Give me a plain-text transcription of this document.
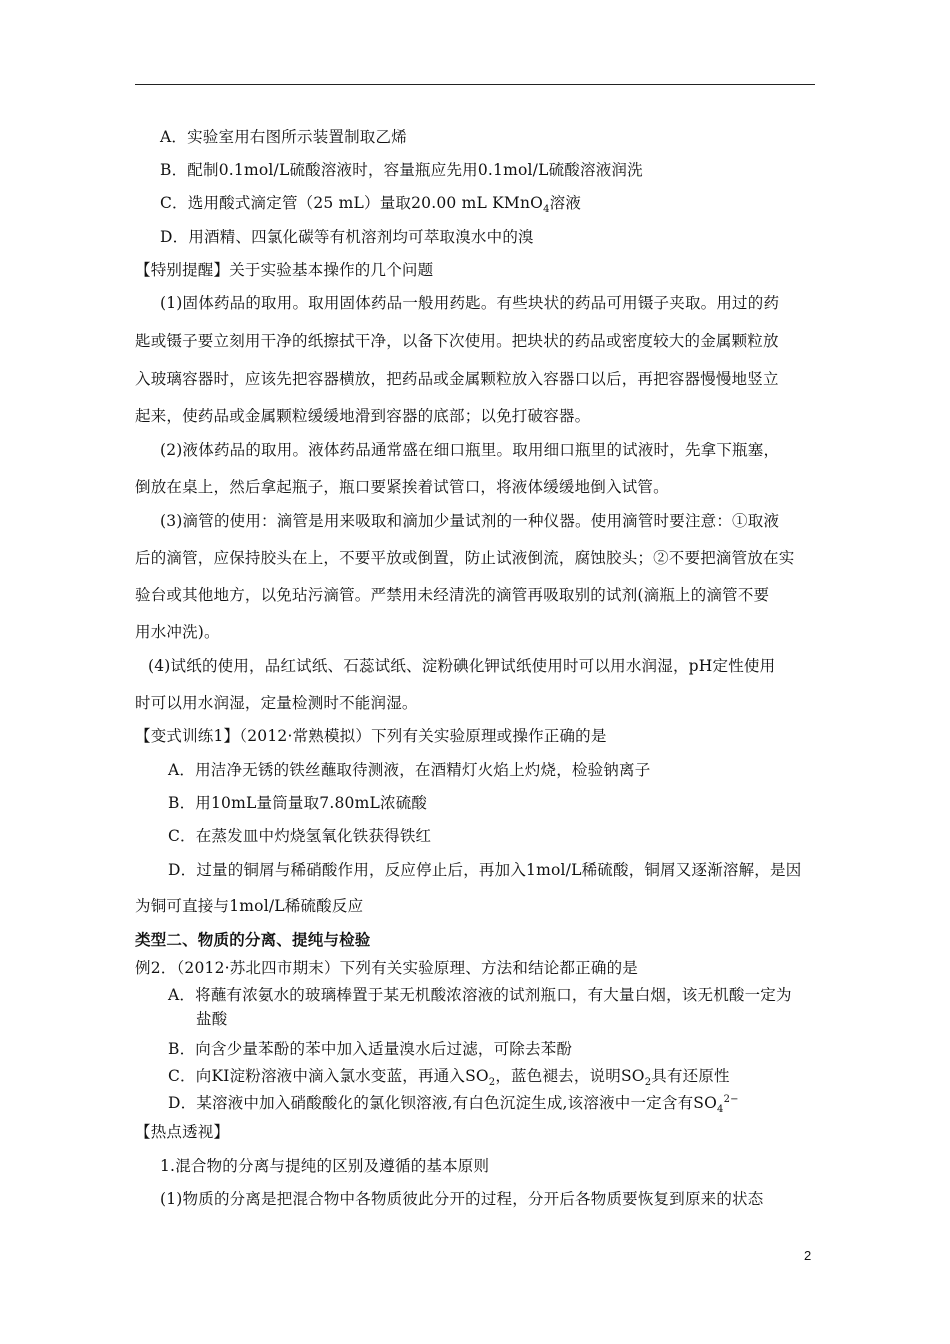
A．实验室用右图所示装置制取乙烯
B．配制0.1mol/L硫酸溶液时，容量瓶应先用0.1mol/L硫酸溶液润洗
C．选用酸式滴定管（25 mL）量取20.00 mL KMnO$_4$溶液
D．用酒精、四氯化碳等有机溶剂均可萃取溴水中的溴
【特别提醒】关于实验基本操作的几个问题
(1)固体药品的取用。取用固体药品一般用药匙。有些块状的药品可用镊子夹取。用过的药
匙或镊子要立刻用干净的纸擦拭干净，以备下次使用。把块状的药品或密度较大的金属颗粒放
入玻璃容器时，应该先把容器横放，把药品或金属颗粒放入容器口以后，再把容器慢慢地竖立
起来，使药品或金属颗粒缓缓地滑到容器的底部；以免打破容器。
(2)液体药品的取用。液体药品通常盛在细口瓶里。取用细口瓶里的试液时，先拿下瓶塞，
倒放在桌上，然后拿起瓶子，瓶口要紧挨着试管口，将液体缓缓地倒入试管。
(3)滴管的使用：滴管是用来吸取和滴加少量试剂的一种仪器。使用滴管时要注意：①取液
后的滴管，应保持胶头在上，不要平放或倒置，防止试液倒流，腐蚀胶头；②不要把滴管放在实
验台或其他地方，以免玷污滴管。严禁用未经清洗的滴管再吸取别的试剂(滴瓶上的滴管不要
用水冲洗)。
(4)试纸的使用，品红试纸、石蕊试纸、淀粉碘化钾试纸使用时可以用水润湿，pH定性使用
时可以用水润湿，定量检测时不能润湿。
【变式训练1】（2012·常熟模拟）下列有关实验原理或操作正确的是
A．用洁净无锈的铁丝蘸取待测液，在酒精灯火焰上灼烧，检验钠离子
B．用10mL量筒量取7.80mL浓硫酸
C．在蒸发皿中灼烧氢氧化铁获得铁红
D．过量的铜屑与稀硝酸作用，反应停止后，再加入1mol/L稀硫酸，铜屑又逐渐溶解，是因
为铜可直接与1mol/L稀硫酸反应
类型二、物质的分离、提纯与检验
例2．（2012·苏北四市期末）下列有关实验原理、方法和结论都正确的是
A．将蘸有浓氨水的玻璃棒置于某无机酸浓溶液的试剂瓶口，有大量白烟，该无机酸一定为
盐酸
B．向含少量苯酚的苯中加入适量溴水后过滤，可除去苯酚
C．向KI淀粉溶液中滴入氯水变蓝，再通入$SO_2$，蓝色褪去，说明$SO_2$具有还原性
D．某溶液中加入硝酸酸化的氯化钡溶液,有白色沉淀生成,该溶液中一定含有$SO_4^{2-}$
【热点透视】
1.混合物的分离与提纯的区别及遵循的基本原则
(1)物质的分离是把混合物中各物质彼此分开的过程，分开后各物质要恢复到原来的状态
2
